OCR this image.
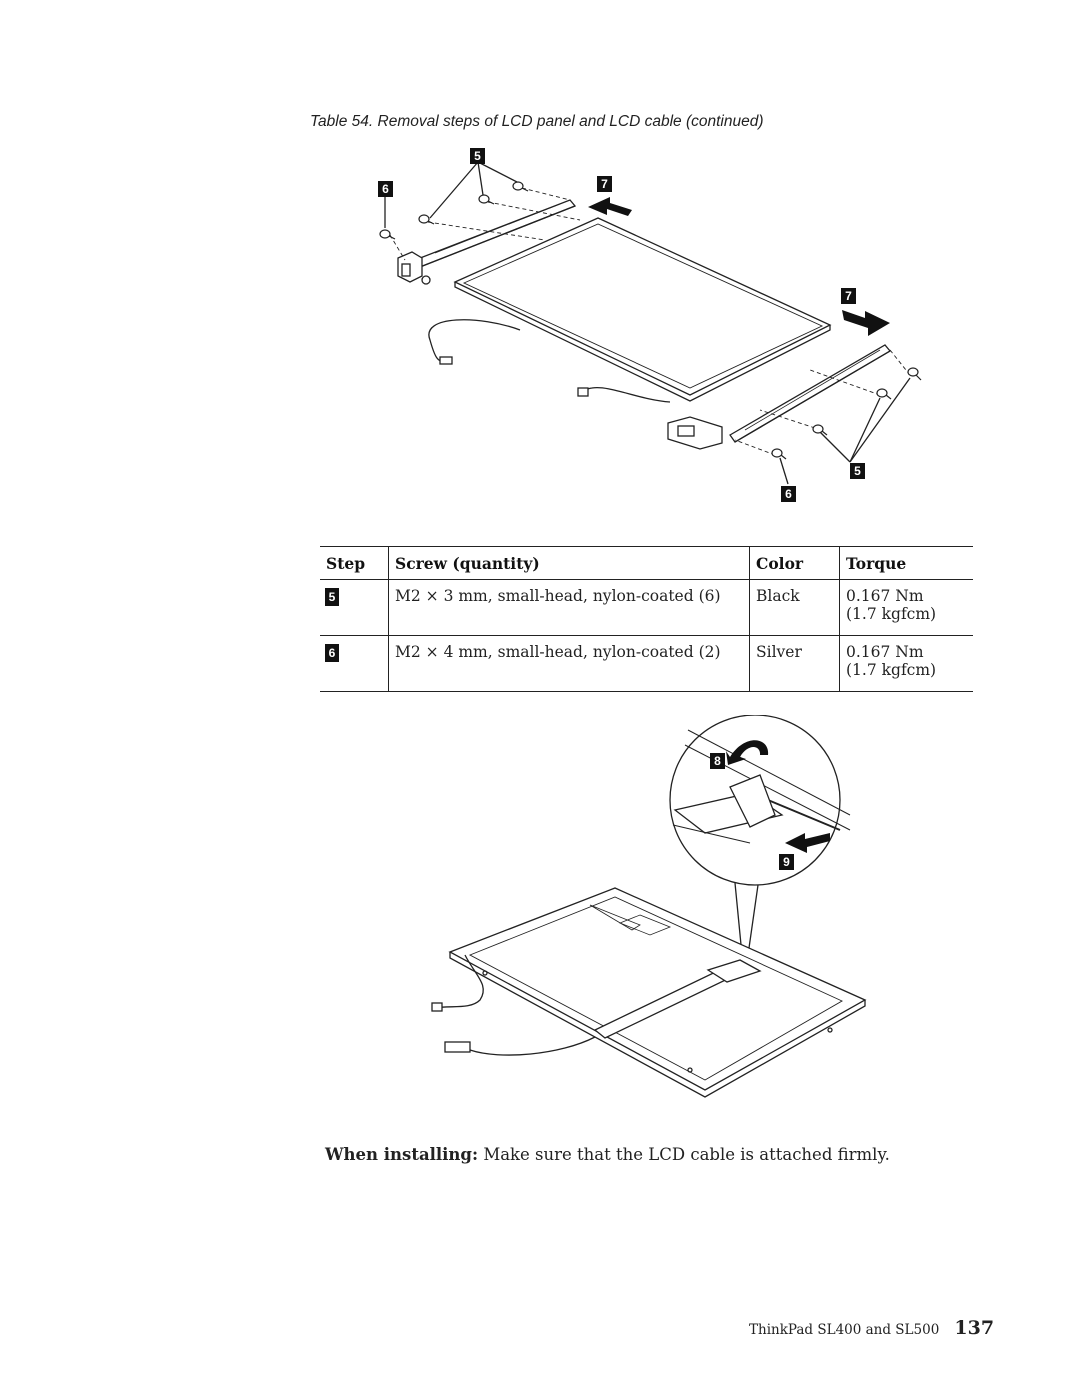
Table 54. Removal steps of LCD panel and LCD cable (continued)
5
6	7
7
5
6
Step	Screw (quantity)	Color	Torque
5	M2 × 3 mm, small-head, nylon-coated (6)	Black	0.167 Nm
(1.7 kgfcm)

6	M2 × 4 mm, small-head, nylon-coated (2)	Silver	0.167 Nm
(1.7 kgfcm)
8
9
When installing: Make sure that the LCD cable is attached firmly.
ThinkPad SL400 and SL500 137
